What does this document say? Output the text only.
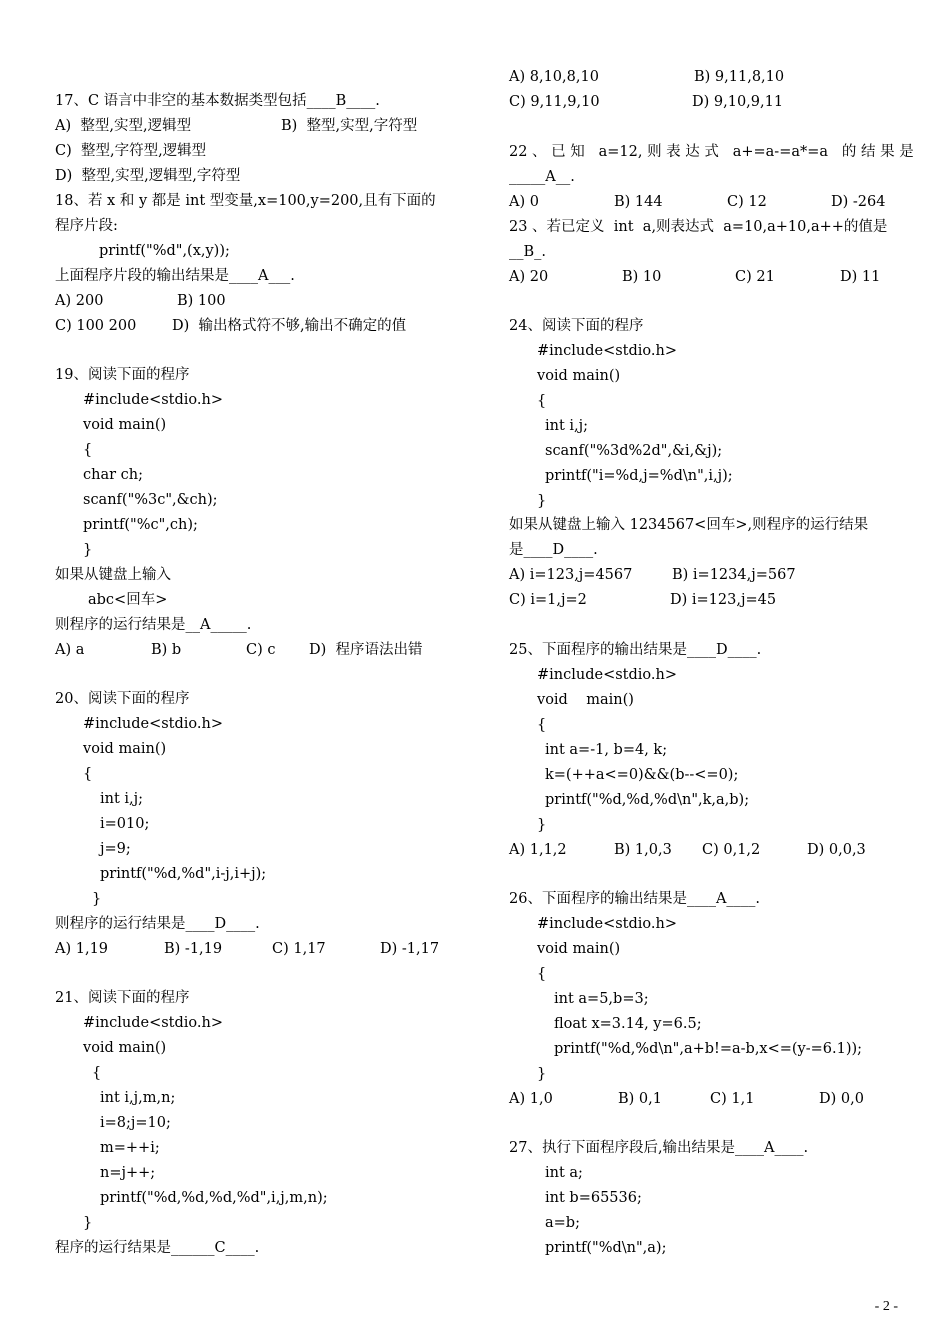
17、C 语言中非空的基本数据类型包括____B____.
A)  整型,实型,逻辑型	B)  整型,实型,字符型
C)  整型,字符型,逻辑型
D)  整型,实型,逻辑型,字符型
18、若 x 和 y 都是 int 型变量,x=100,y=200,且有下面的
程序片段:
printf("%d",(x,y));
上面程序片段的输出结果是____A___.
A) 200	B) 100
C) 100 200 D)  输出格式符不够,输出不确定的值
19、阅读下面的程序
#include<stdio.h>
void main()
{
char ch;
scanf("%3c",&ch);
printf("%c",ch);
}
如果从键盘上输入
abc<回车>
则程序的运行结果是__A_____.
A) a	B) b	C) c D)  程序语法出错
20、阅读下面的程序
#include<stdio.h>
void main()
{
int i,j;
i=010;
j=9;
printf("%d,%d",i-j,i+j);
}
则程序的运行结果是____D____.
A) 1,19	B) -1,19	C) 1,17	D) -1,17
21、阅读下面的程序
#include<stdio.h>
void main()
{
int i,j,m,n;
i=8;j=10;
m=++i;
n=j++;
printf("%d,%d,%d,%d",i,j,m,n);
}
程序的运行结果是______C____.
A) 8,10,8,10	B) 9,11,8,10
C) 9,11,9,10	D) 9,10,9,11
22 、 已 知   a=12, 则 表 达 式   a+=a-=a*=a   的 结 果 是
_____A__.
A) 0	B) 144	C) 12	D) -264
23 、若已定义  int  a,则表达式  a=10,a+10,a++的值是
__B_.
A) 20	B) 10	C) 21	D) 11
24、阅读下面的程序
#include<stdio.h>
void main()
{
int i,j;
scanf("%3d%2d",&i,&j);
printf("i=%d,j=%d\n",i,j);
}
如果从键盘上输入 1234567<回车>,则程序的运行结果
是____D____.
A) i=123,j=4567	B) i=1234,j=567
C) i=1,j=2	D) i=123,j=45
25、下面程序的输出结果是____D____.
#include<stdio.h>
void    main()
{
int a=-1, b=4, k;
k=(++a<=0)&&(b--<=0);
printf("%d,%d,%d\n",k,a,b);
}
A) 1,1,2	B) 1,0,3 C) 0,1,2	D) 0,0,3
26、下面程序的输出结果是____A____.
#include<stdio.h>
void main()
{
int a=5,b=3;
float x=3.14, y=6.5;
printf("%d,%d\n",a+b!=a-b,x<=(y-=6.1));
}
A) 1,0	B) 0,1	C) 1,1	D) 0,0
27、执行下面程序段后,输出结果是____A____.
int a;
int b=65536;
a=b;
printf("%d\n",a);
- 2 -
